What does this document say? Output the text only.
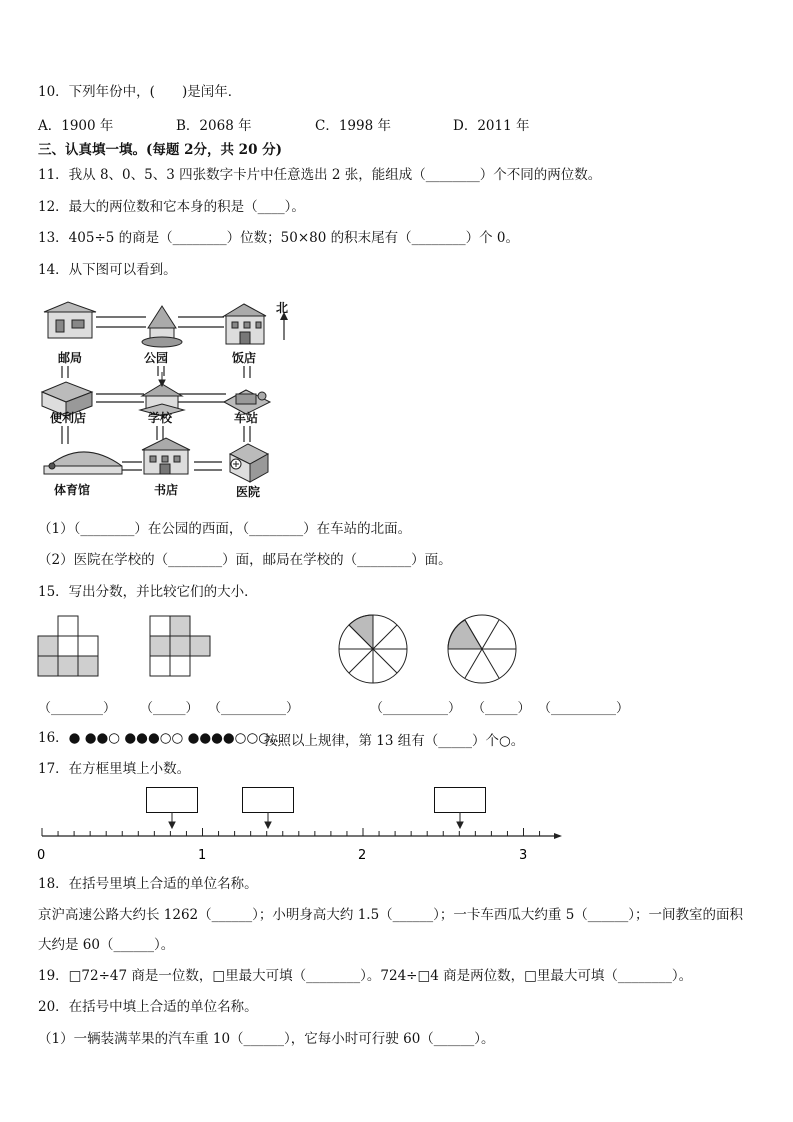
10．下列年份中，(　　)是闰年．
A．1900 年	B．2068 年	C．1998 年	D．2011 年
三、认真填一填。(每题 2分，共 20 分)
11．我从 8、0、5、3 四张数字卡片中任意选出 2 张，能组成（________）个不同的两位数。
12．最大的两位数和它本身的积是（____）。
13．405÷5 的商是（________）位数；50×80 的积末尾有（________）个 0。
14．从下图可以看到。
北
邮局	公园	饭店
便利店	学校	车站
体育馆	书店	医院
（1）（________）在公园的西面，（________）在车站的北面。
（2）医院在学校的（________）面，邮局在学校的（________）面。
15．写出分数，并比较它们的大小．
（________） （_____） （__________）	（__________） （_____） （__________）
16．● ●●○ ●●●○○ ●●●●○○○…
按照以上规律，第 13 组有（_____）个○。
17．在方框里填上小数。
0	1	2	3
18．在括号里填上合适的单位名称。
京沪高速公路大约长 1262（______）；小明身高大约 1.5（______）；一卡车西瓜大约重 5（______）；一间教室的面积
大约是 60（______）。
19．□72÷47 商是一位数，□里最大可填（________）。724÷□4 商是两位数，□里最大可填（________）。
20．在括号中填上合适的单位名称。
（1）一辆装满苹果的汽车重 10（______），它每小时可行驶 60（______）。
